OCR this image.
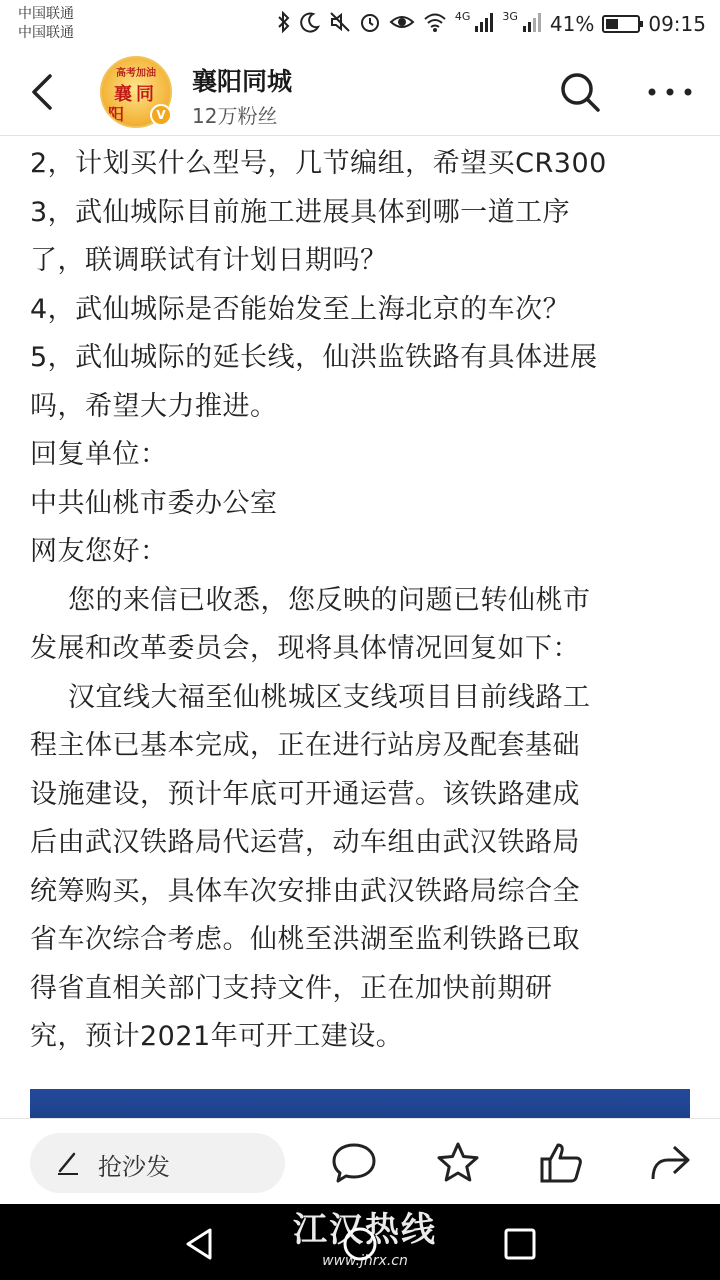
中国联通
中国联通
4G	3G 41%	09:15
高考加油
襄同
阳	V
襄阳同城
12万粉丝
2，计划买什么型号，几节编组，希望买CR300
3，武仙城际目前施工进展具体到哪一道工序
了，联调联试有计划日期吗？
4，武仙城际是否能始发至上海北京的车次？
5，武仙城际的延长线，仙洪监铁路有具体进展
吗，希望大力推进。
回复单位：
中共仙桃市委办公室
网友您好：
您的来信已收悉，您反映的问题已转仙桃市
发展和改革委员会，现将具体情况回复如下：
汉宜线大福至仙桃城区支线项目目前线路工
程主体已基本完成，正在进行站房及配套基础
设施建设，预计年底可开通运营。该铁路建成
后由武汉铁路局代运营，动车组由武汉铁路局
统筹购买，具体车次安排由武汉铁路局综合全
省车次综合考虑。仙桃至洪湖至监利铁路已取
得省直相关部门支持文件，正在加快前期研
究，预计2021年可开工建设。
抢沙发
江汉热线
www.jhrx.cn
